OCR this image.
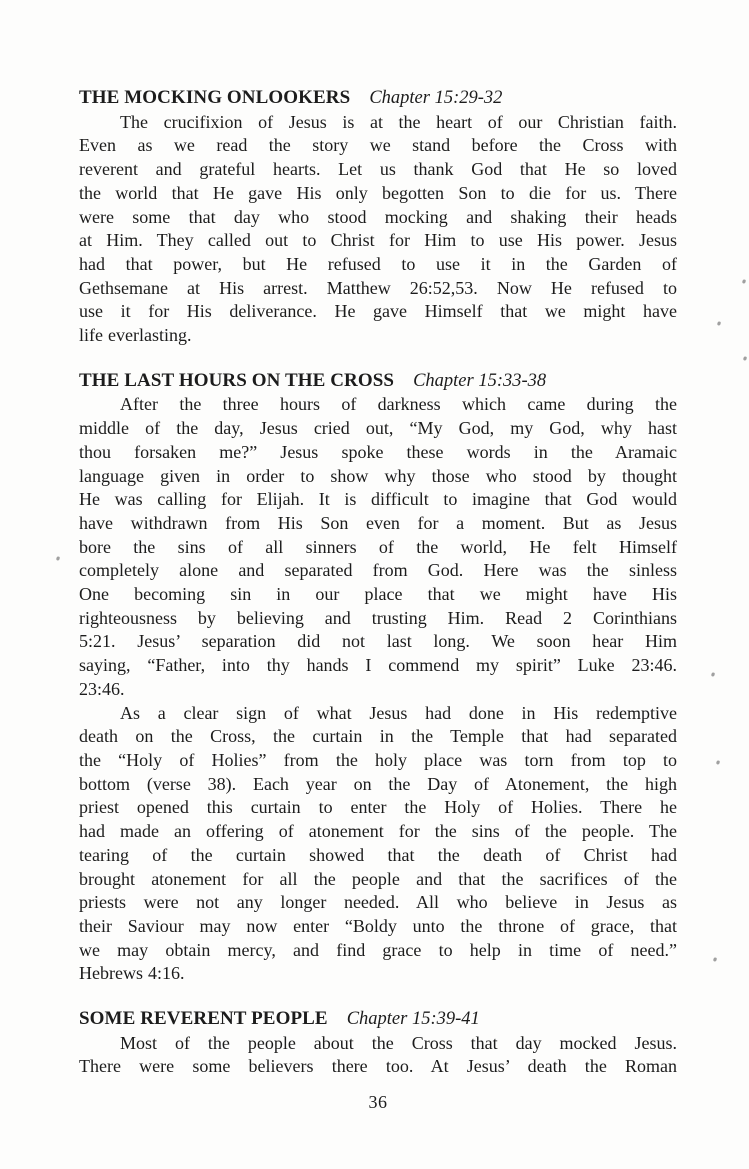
THE MOCKING ONLOOKERS Chapter 15:29-32

The crucifixion of Jesus is at the heart of our Christian faith.
Even as we read the story we stand before the Cross with
reverent and grateful hearts. Let us thank God that He so loved
the world that He gave His only begotten Son to die for us. There
were some that day who stood mocking and shaking their heads
at Him. They called out to Christ for Him to use His power. Jesus
had that power, but He refused to use it in the Garden of
Gethsemane at His arrest. Matthew 26:52,53. Now He refused to
use it for His deliverance. He gave Himself that we might have
life everlasting.

THE LAST HOURS ON THE CROSS Chapter 15:33-38

After the three hours of darkness which came during the
middle of the day, Jesus cried out, “My God, my God, why hast
thou forsaken me?” Jesus spoke these words in the Aramaic
language given in order to show why those who stood by thought
He was calling for Elijah. It is difficult to imagine that God would
have withdrawn from His Son even for a moment. But as Jesus
bore the sins of all sinners of the world, He felt Himself
completely alone and separated from God. Here was the sinless
One becoming sin in our place that we might have His
righteousness by believing and trusting Him. Read 2 Corinthians
5:21. Jesus’ separation did not last long. We soon hear Him
saying, “Father, into thy hands I commend my spirit” Luke 23:46.
23:46.

As a clear sign of what Jesus had done in His redemptive
death on the Cross, the curtain in the Temple that had separated
the “Holy of Holies” from the holy place was torn from top to
bottom (verse 38). Each year on the Day of Atonement, the high
priest opened this curtain to enter the Holy of Holies. There he
had made an offering of atonement for the sins of the people. The
tearing of the curtain showed that the death of Christ had
brought atonement for all the people and that the sacrifices of the
priests were not any longer needed. All who believe in Jesus as
their Saviour may now enter “Boldy unto the throne of grace, that
we may obtain mercy, and find grace to help in time of need.”
Hebrews 4:16.

SOME REVERENT PEOPLE Chapter 15:39-41

Most of the people about the Cross that day mocked Jesus.
There were some believers there too. At Jesus’ death the Roman

36
